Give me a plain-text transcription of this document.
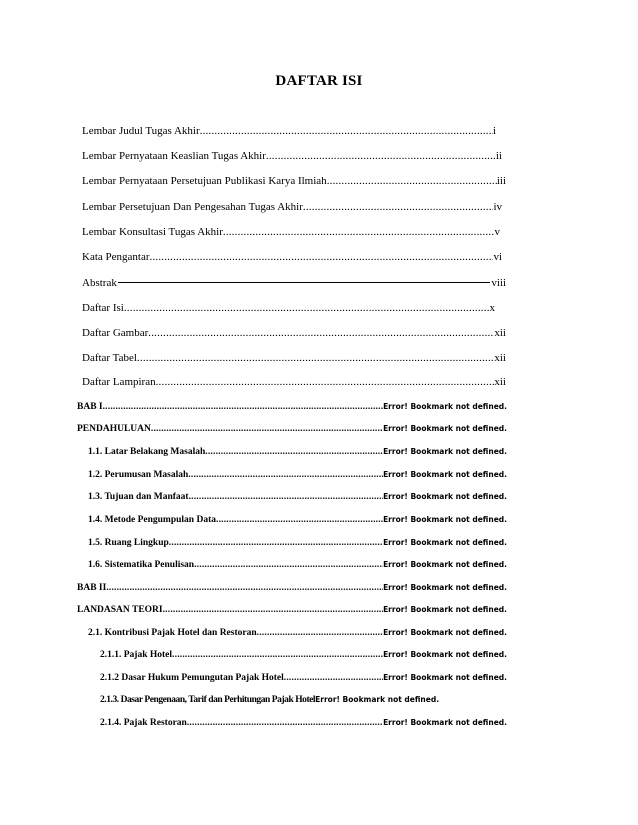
DAFTAR ISI
Lembar Judul Tugas Akhir .....	i
Lembar Pernyataan Keaslian Tugas Akhir .....	ii
Lembar Pernyataan Persetujuan Publikasi Karya Ilmiah .....	iii
Lembar Persetujuan Dan Pengesahan Tugas Akhir .....	iv
Lembar Konsultasi Tugas Akhir .....	v
Kata Pengantar .....	vi
Abstrak	viii
Daftar Isi .....	x
Daftar Gambar .....	xii
Daftar Tabel .....	xii
Daftar Lampiran .....	xii
BAB I .....	Error! Bookmark not defined.
PENDAHULUAN .....	Error! Bookmark not defined.
1.1. Latar Belakang Masalah .....	Error! Bookmark not defined.
1.2. Perumusan Masalah .....	Error! Bookmark not defined.
1.3. Tujuan dan Manfaat .....	Error! Bookmark not defined.
1.4. Metode Pengumpulan Data .....	Error! Bookmark not defined.
1.5. Ruang Lingkup .....	Error! Bookmark not defined.
1.6. Sistematika Penulisan .....	Error! Bookmark not defined.
BAB II .....	Error! Bookmark not defined.
LANDASAN TEORI .....	Error! Bookmark not defined.
2.1. Kontribusi Pajak Hotel dan Restoran .....	Error! Bookmark not defined.
2.1.1. Pajak Hotel .....	Error! Bookmark not defined.
2.1.2 Dasar Hukum Pemungutan Pajak Hotel .....	Error! Bookmark not defined.
2.1.3. Dasar Pengenaan, Tarif dan Perhitungan Pajak Hotel Error! Bookmark not defined.
2.1.4. Pajak Restoran .....	Error! Bookmark not defined.
